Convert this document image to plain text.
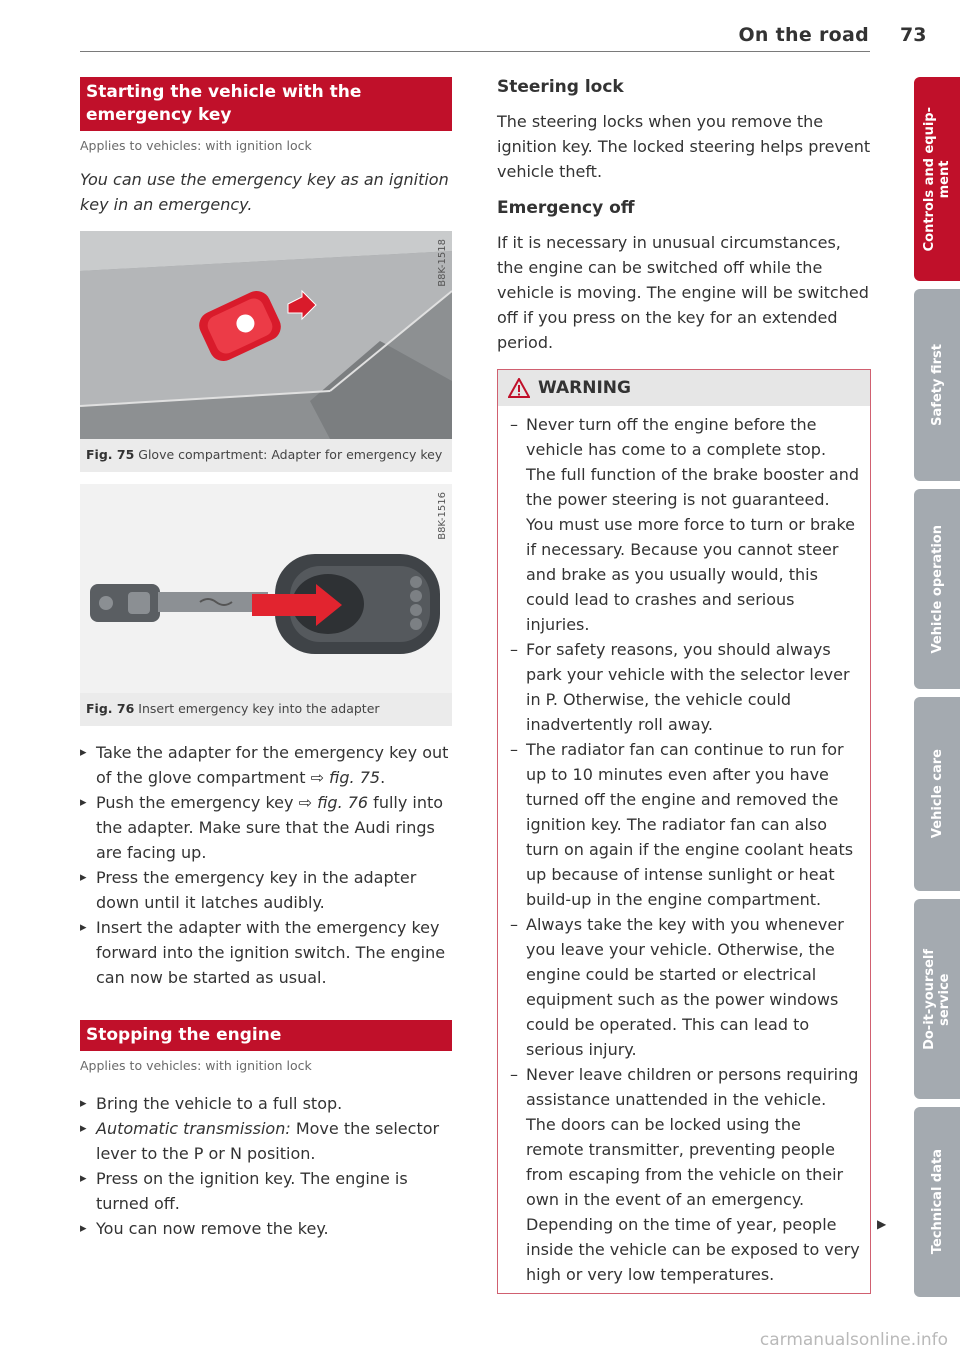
On the road 73
Starting the vehicle with the emergency key
Applies to vehicles: with ignition lock
You can use the emergency key as an ignition key in an emergency.
B8K-1518
Fig. 75 Glove compartment: Adapter for emergency key
B8K-1516
Fig. 76 Insert emergency key into the adapter
▸ Take the adapter for the emergency key out of the glove compartment ⇨ fig. 75.
▸ Push the emergency key ⇨ fig. 76 fully into the adapter. Make sure that the Audi rings are facing up.
▸ Press the emergency key in the adapter down until it latches audibly.
▸ Insert the adapter with the emergency key forward into the ignition switch. The engine can now be started as usual.
Stopping the engine
Applies to vehicles: with ignition lock
▸ Bring the vehicle to a full stop.
▸ Automatic transmission: Move the selector lever to the P or N position.
▸ Press on the ignition key. The engine is turned off.
▸ You can now remove the key.
Steering lock
The steering locks when you remove the ignition key. The locked steering helps prevent vehicle theft.
Emergency off
If it is necessary in unusual circumstances, the engine can be switched off while the vehicle is moving. The engine will be switched off if you press on the key for an extended period.
WARNING
– Never turn off the engine before the vehicle has come to a complete stop. The full function of the brake booster and the power steering is not guaranteed. You must use more force to turn or brake if necessary. Because you cannot steer and brake as you usually would, this could lead to crashes and serious injuries.
– For safety reasons, you should always park your vehicle with the selector lever in P. Otherwise, the vehicle could inadvertently roll away.
– The radiator fan can continue to run for up to 10 minutes even after you have turned off the engine and removed the ignition key. The radiator fan can also turn on again if the engine coolant heats up because of intense sunlight or heat build-up in the engine compartment.
– Always take the key with you whenever you leave your vehicle. Otherwise, the engine could be started or electrical equipment such as the power windows could be operated. This can lead to serious injury.
– Never leave children or persons requiring assistance unattended in the vehicle. The doors can be locked using the remote transmitter, preventing people from escaping from the vehicle on their own in the event of an emergency. Depending on the time of year, people inside the vehicle can be exposed to very high or very low temperatures.
▶
Controls and equip-
ment
Safety first
Vehicle operation
Vehicle care
Do-it-yourself
service
Technical data
carmanualsonline.info
